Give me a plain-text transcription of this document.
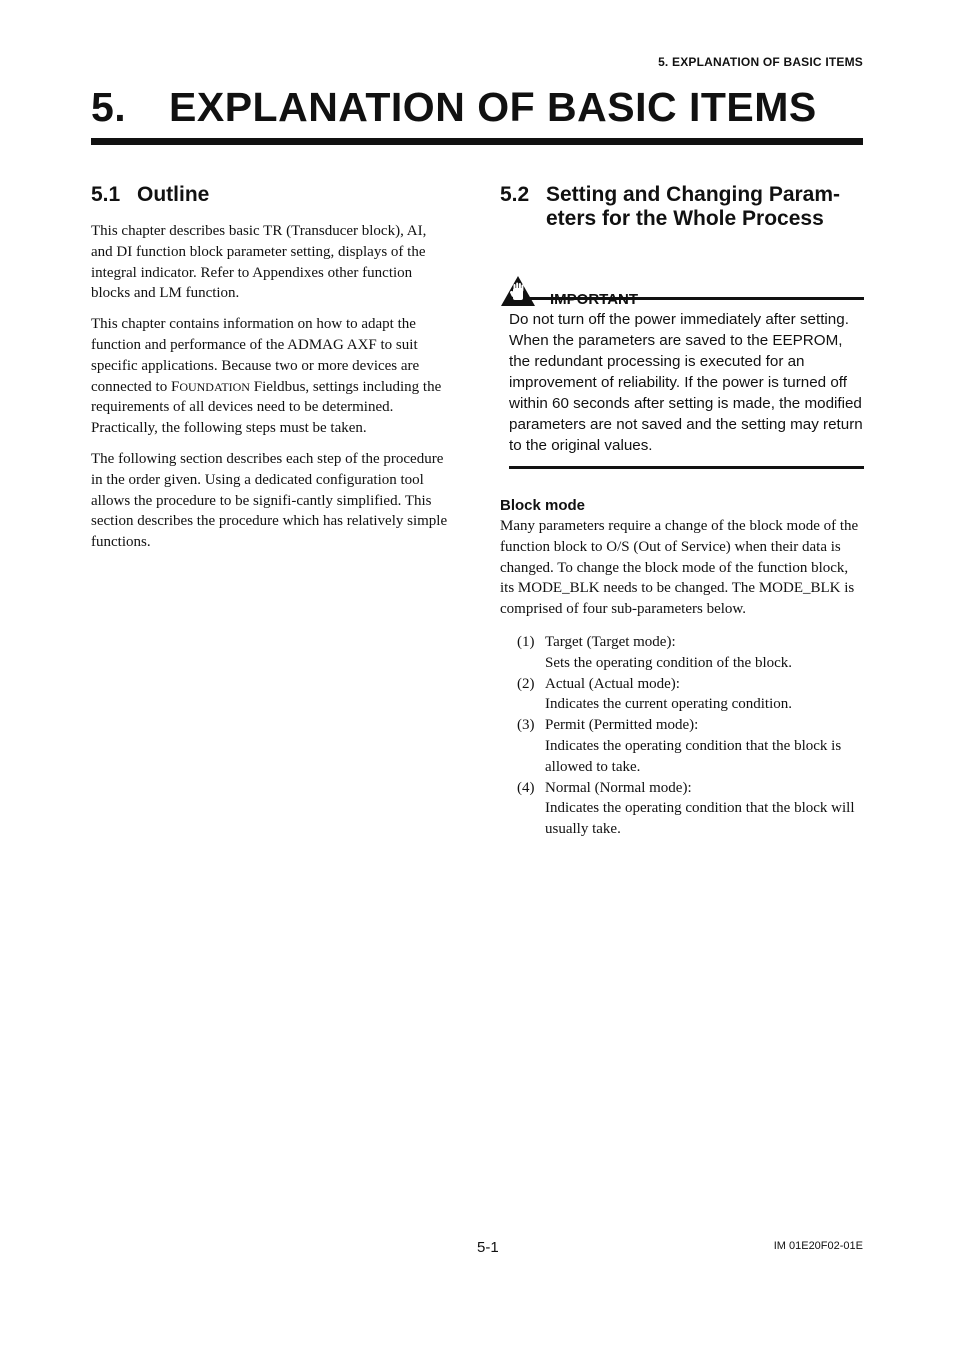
5. EXPLANATION OF BASIC ITEMS
5. EXPLANATION OF BASIC ITEMS
5.1 Outline

This chapter describes basic TR (Transducer block), AI, and DI function block parameter setting, displays of the integral indicator. Refer to Appendixes other function blocks and LM function.

This chapter contains information on how to adapt the function and performance of the ADMAG AXF to suit specific applications. Because two or more devices are connected to FOUNDATION Fieldbus, settings including the requirements of all devices need to be determined. Practically, the following steps must be taken.

The following section describes each step of the procedure in the order given. Using a dedicated configuration tool allows the procedure to be signifi-cantly simplified. This section describes the procedure which has relatively simple functions.

5.2 Setting and Changing Param-eters for the Whole Process
IMPORTANT

Do not turn off the power immediately after setting. When the parameters are saved to the EEPROM, the redundant processing is executed for an improvement of reliability. If the power is turned off within 60 seconds after setting is made, the modified parameters are not saved and the setting may return to the original values.

Block mode

Many parameters require a change of the block mode of the function block to O/S (Out of Service) when their data is changed. To change the block mode of the function block, its MODE_BLK needs to be changed. The MODE_BLK is comprised of four sub-parameters below.

(1) Target (Target mode):
Sets the operating condition of the block.
(2) Actual (Actual mode):
Indicates the current operating condition.
(3) Permit (Permitted mode):
Indicates the operating condition that the block is allowed to take.
(4) Normal (Normal mode):
Indicates the operating condition that the block will usually take.
5-1	IM 01E20F02-01E
